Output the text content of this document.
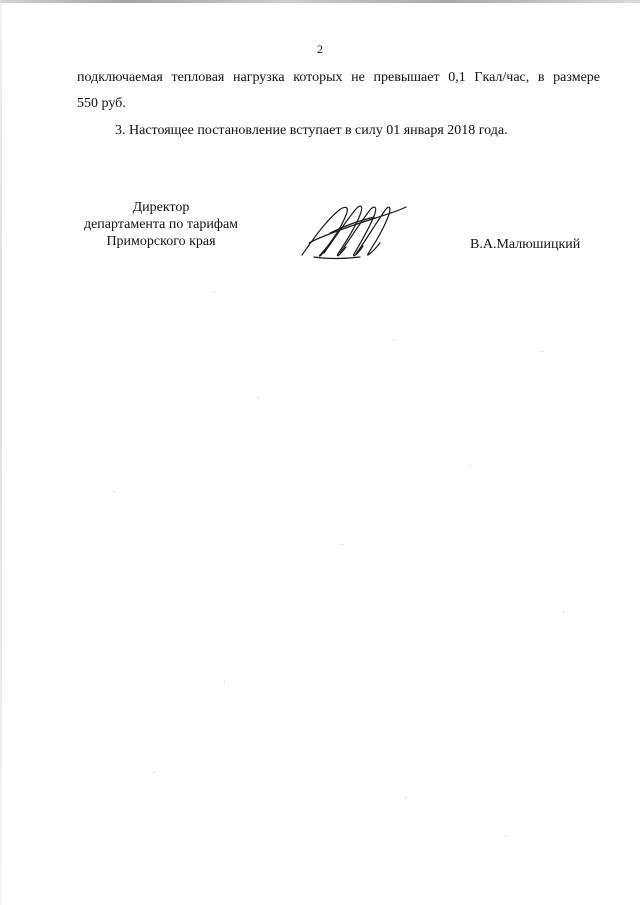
2
подключаемая тепловая нагрузка которых не превышает 0,1 Гкал/час, в размере
550 руб.
3. Настоящее постановление вступает в силу 01 января 2018 года.
Директор
департамента по тарифам
Приморского края	В.А.Малюшицкий
